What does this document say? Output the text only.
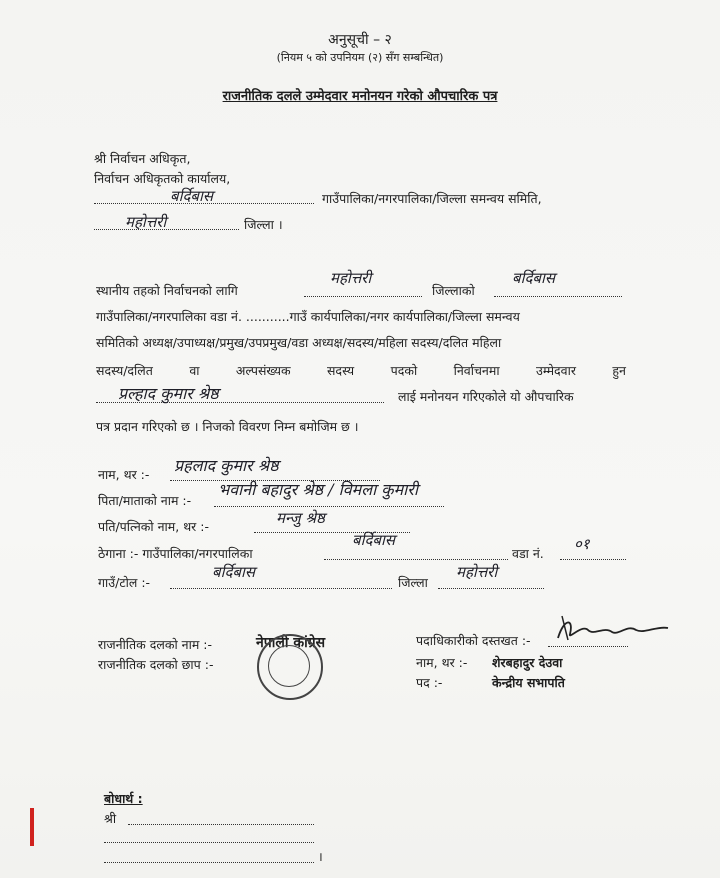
अनुसूची – २
(नियम ५ को उपनियम (२) सँग सम्बन्धित)
राजनीतिक दलले उम्मेदवार मनोनयन गरेको औपचारिक पत्र
श्री निर्वाचन अधिकृत,
निर्वाचन अधिकृतको कार्यालय,
बर्दिबास	गाउँपालिका/नगरपालिका/जिल्ला समन्वय समिति,
महोत्तरी	जिल्ला ।
स्थानीय तहको निर्वाचनको लागि
महोत्तरी
जिल्लाको
बर्दिबास
गाउँपालिका/नगरपालिका वडा नं. ...........गाउँ कार्यपालिका/नगर कार्यपालिका/जिल्ला समन्वय
समितिको अध्यक्ष/उपाध्यक्ष/प्रमुख/उपप्रमुख/वडा अध्यक्ष/सदस्य/महिला सदस्य/दलित महिला
सदस्य/दलित वा अल्पसंख्यक सदस्य पदको निर्वाचनमा उम्मेदवार हुन
प्रल्हाद कुमार श्रेष्ठ	लाई मनोनयन गरिएकोले यो औपचारिक
पत्र प्रदान गरिएको छ । निजको विवरण निम्न बमोजिम छ ।
नाम, थर :- प्रहलाद कुमार श्रेष्ठ
पिता/माताको नाम :-
भवानी बहादुर श्रेष्ठ / विमला कुमारी
पति/पत्निको नाम, थर :-	मन्जु श्रेष्ठ
ठेगाना :- गाउँपालिका/नगरपालिका
बर्दिबास
वडा नं.
०१
गाउँ/टोल :-
बर्दिबास
जिल्ला
महोत्तरी
राजनीतिक दलको नाम :-	नेपाली कांग्रेस
राजनीतिक दलको छाप :-
पदाधिकारीको दस्तखत :-
नाम, थर :- शेरबहादुर देउवा
पद :-	केन्द्रीय सभापति
बोधार्थ :
श्री
।
